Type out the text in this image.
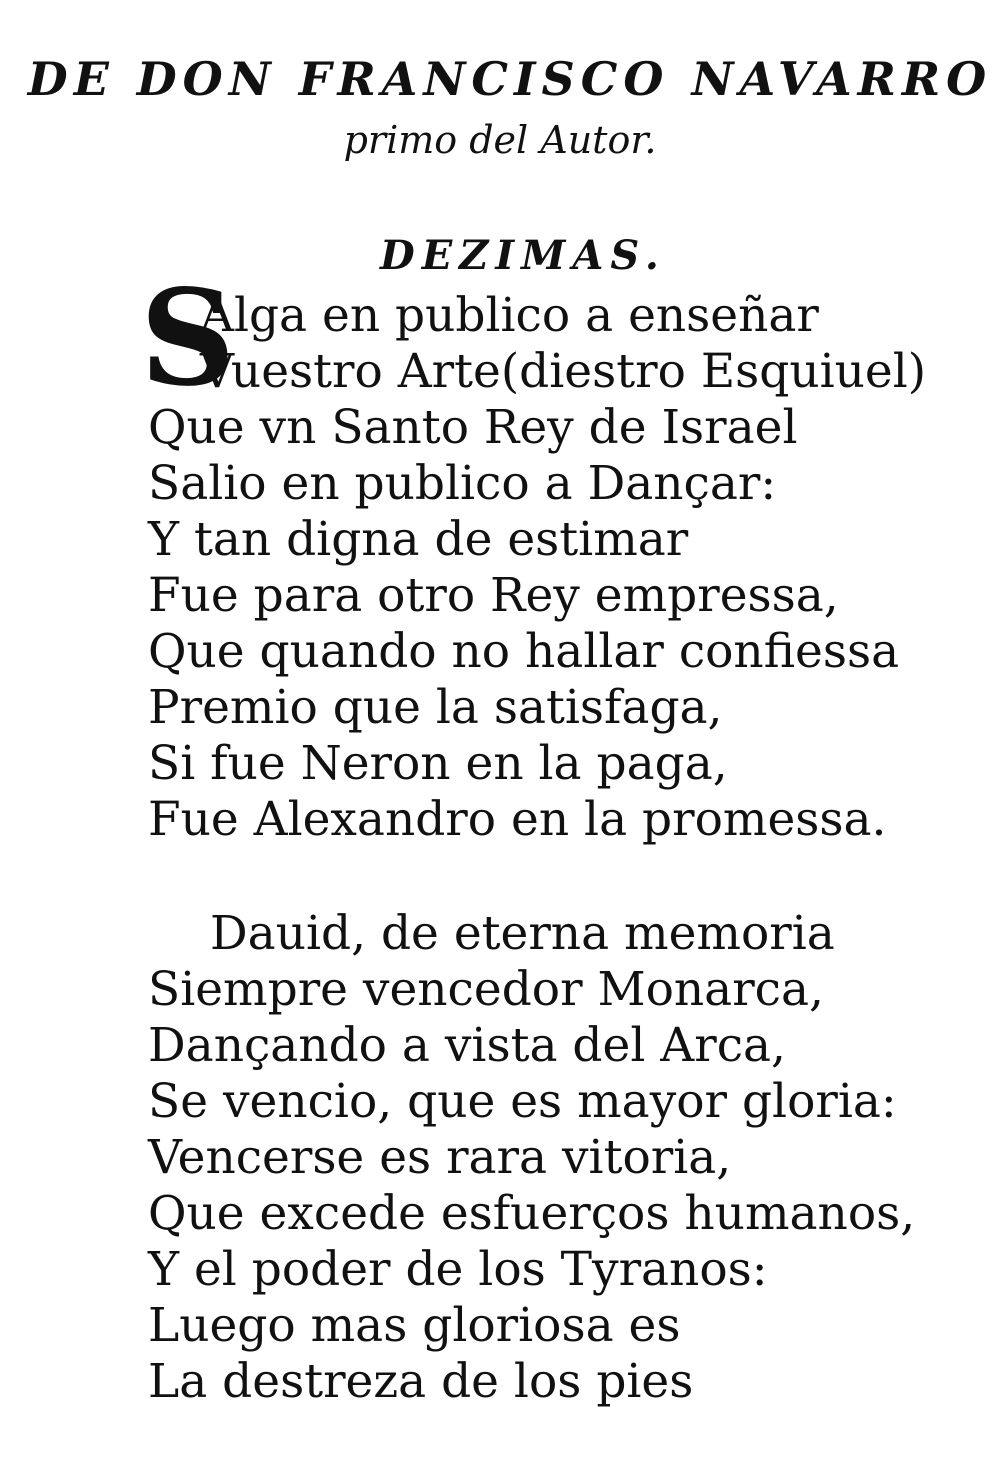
DE DON FRANCISCO NAVARRO
primo del Autor.
DEZIMAS.
S
Alga en publico a enseñar
Vuestro Arte(diestro Esquiuel)
Que vn Santo Rey de Israel
Salio en publico a Dançar:
Y tan digna de estimar
Fue para otro Rey empressa,
Que quando no hallar confiessa
Premio que la satisfaga,
Si fue Neron en la paga,
Fue Alexandro en la promessa.
Dauid, de eterna memoria
Siempre vencedor Monarca,
Dançando a vista del Arca,
Se vencio, que es mayor gloria:
Vencerse es rara vitoria,
Que excede esfuerços humanos,
Y el poder de los Tyranos:
Luego mas gloriosa es
La destreza de los pies
